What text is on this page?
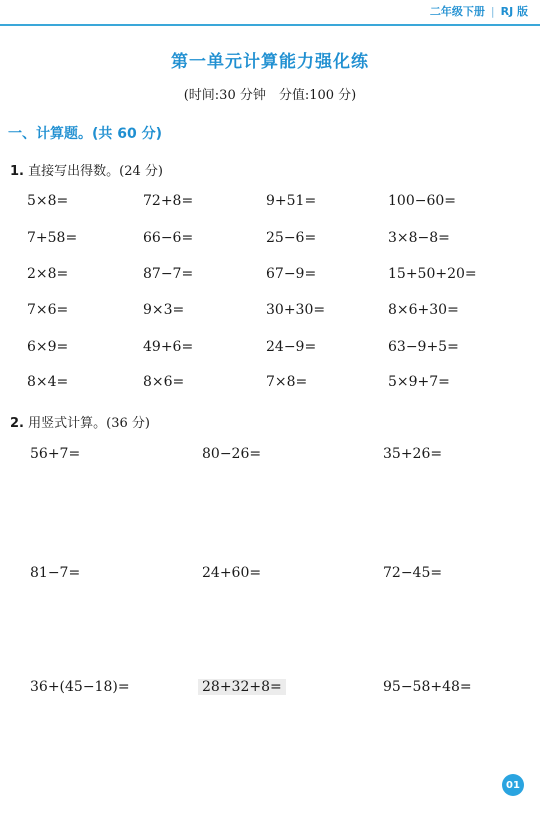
二年级下册 | RJ 版
第一单元计算能力强化练
(时间:30 分钟　分值:100 分)
一、计算题。(共 60 分)
1. 直接写出得数。(24 分)
5×8=	72+8=	9+51=	100−60=
7+58=	66−6=	25−6=	3×8−8=
2×8=	87−7=	67−9=	15+50+20=
7×6=	9×3=	30+30=	8×6+30=
6×9=	49+6=	24−9=	63−9+5=
8×4=	8×6=	7×8=	5×9+7=
2. 用竖式计算。(36 分)
56+7=	80−26=	35+26=
81−7=	24+60=	72−45=
36+(45−18)=	28+32+8=	95−58+48=
01
